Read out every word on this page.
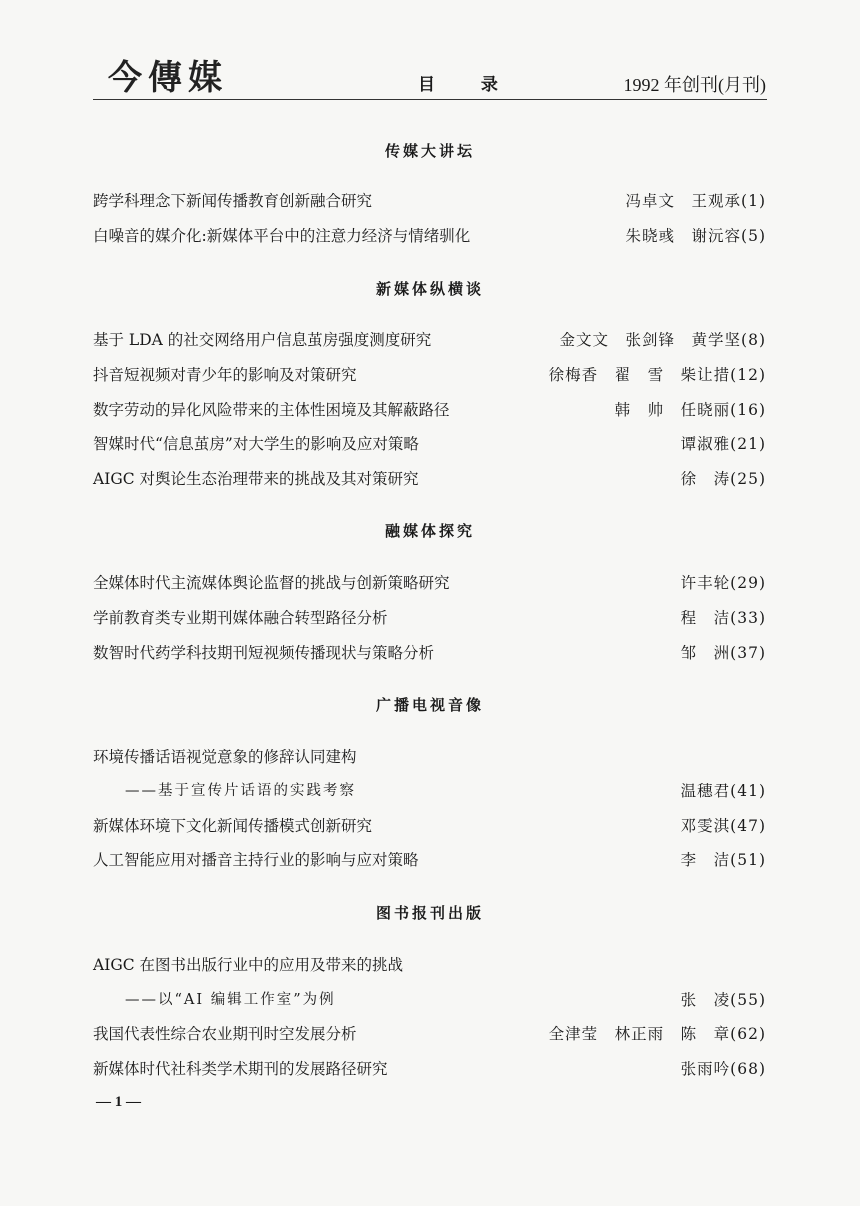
今傳媒	目 录	1992 年创刊(月刊)
传媒大讲坛
跨学科理念下新闻传播教育创新融合研究	冯卓文　王观承(1)
白噪音的媒介化:新媒体平台中的注意力经济与情绪驯化	朱晓彧　谢沅容(5)
新媒体纵横谈
基于 LDA 的社交网络用户信息茧房强度测度研究	金文文　张剑锋　黄学坚(8)
抖音短视频对青少年的影响及对策研究	徐梅香　翟　雪　柴让措(12)
数字劳动的异化风险带来的主体性困境及其解蔽路径	韩　帅　任晓丽(16)
智媒时代“信息茧房”对大学生的影响及应对策略	谭淑雅(21)
AIGC 对舆论生态治理带来的挑战及其对策研究	徐　涛(25)
融媒体探究
全媒体时代主流媒体舆论监督的挑战与创新策略研究	许丰轮(29)
学前教育类专业期刊媒体融合转型路径分析	程　洁(33)
数智时代药学科技期刊短视频传播现状与策略分析	邹　洲(37)
广播电视音像
环境传播话语视觉意象的修辞认同建构
——基于宣传片话语的实践考察	温穗君(41)
新媒体环境下文化新闻传播模式创新研究	邓雯淇(47)
人工智能应用对播音主持行业的影响与应对策略	李　洁(51)
图书报刊出版
AIGC 在图书出版行业中的应用及带来的挑战
——以“AI 编辑工作室”为例	张　凌(55)
我国代表性综合农业期刊时空发展分析	全津莹　林正雨　陈　章(62)
新媒体时代社科类学术期刊的发展路径研究	张雨吟(68)
— 1 —
